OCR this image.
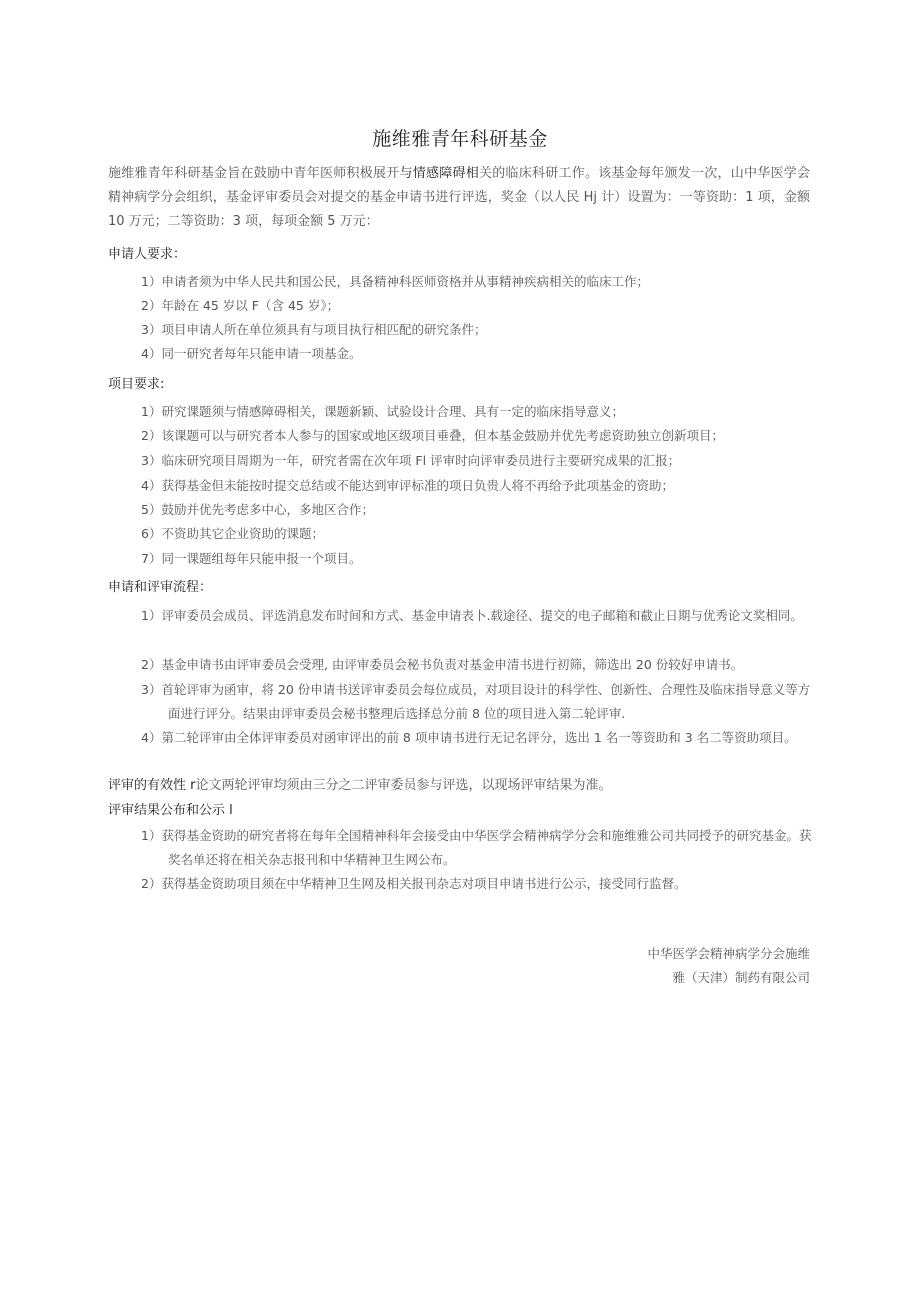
施维雅青年科研基金
施维雅青年科研基金旨在鼓励中青年医师积极展开与情感障碍相关的临床科研工作。该基金每年颁发一次，山中华医学会精神病学分会组织，基金评审委员会对提交的基金申请书进行评选，奖金（以人民 Hj 计）设置为：一等资助：1 项，金额 10 万元；二等资助：3 项，每项金额 5 万元：
申请人要求：
1）申请者须为中华人民共和国公民，具备精神科医师资格并从事精神疾病相关的临床工作；
2）年龄在 45 岁以 F（含 45 岁》；
3）项目申请人所在单位须具有与项目执行相匹配的研究条件；
4）同一研究者每年只能申请一项基金。
项目要求:
1）研究课题须与情感障碍相关，课题新颖、试验设计合理、具有一定的临床指导意义；
2）该课题可以与研究者本人参与的国家或地区级项目垂叠，但本基金鼓励并优先考虑资助独立创新项目；
3）临床研究项目周期为一年，研究者需在次年项 Fl 评审时向评审委员进行主要研究成果的汇报；
4）获得基金但未能按时提交总结或不能达到审评标准的项日负贵人将不再给予此项基金的资助；
5）鼓励并优先考虑多中心，多地区合作；
6）不资助其它企业资助的课题；
7）同一课题组每年只能申报一个项目。
申请和评审流程：
1）评审委员会成员、评选消息发布时间和方式、基金申请表卜.载途径、提交的电子邮箱和截止日期与优秀论文奖相同。
2）基金申请书由评审委员会受理, 由评审委员会秘书负责对基金申清书进行初筛，筛选出 20 份较好申请书。
3）首轮评审为函审，将 20 份申请书送评审委员会每位成员，对项目设计的科学性、创新性、合理性及临床指导意义等方面进行评分。结果由评审委员会秘书整理后选择总分前 8 位的项目进入第二轮评审.
4）第二轮评审由全体评审委员对函审评出的前 8 项申请书进行无记名评分，选出 1 名一等资助和 3 名二等资助项目。
评审的有效性 r论文两轮评审均须由三分之二评审委员参与评选，以现场评审结果为准。
评审结果公布和公示 l
1）获得基金资助的研究者将在每年全国精神科年会接受由中华医学会精神病学分会和施维雅公司共同授予的研究基金。获奖名单还将在相关杂志报刊和中华精神卫生网公布。
2）获得基金资助项目须在中华精神卫生网及相关报刊杂志对项目申请书进行公示，接受同行监督。
中华医学会精神病学分会施维
雅（天津）制药有限公司
